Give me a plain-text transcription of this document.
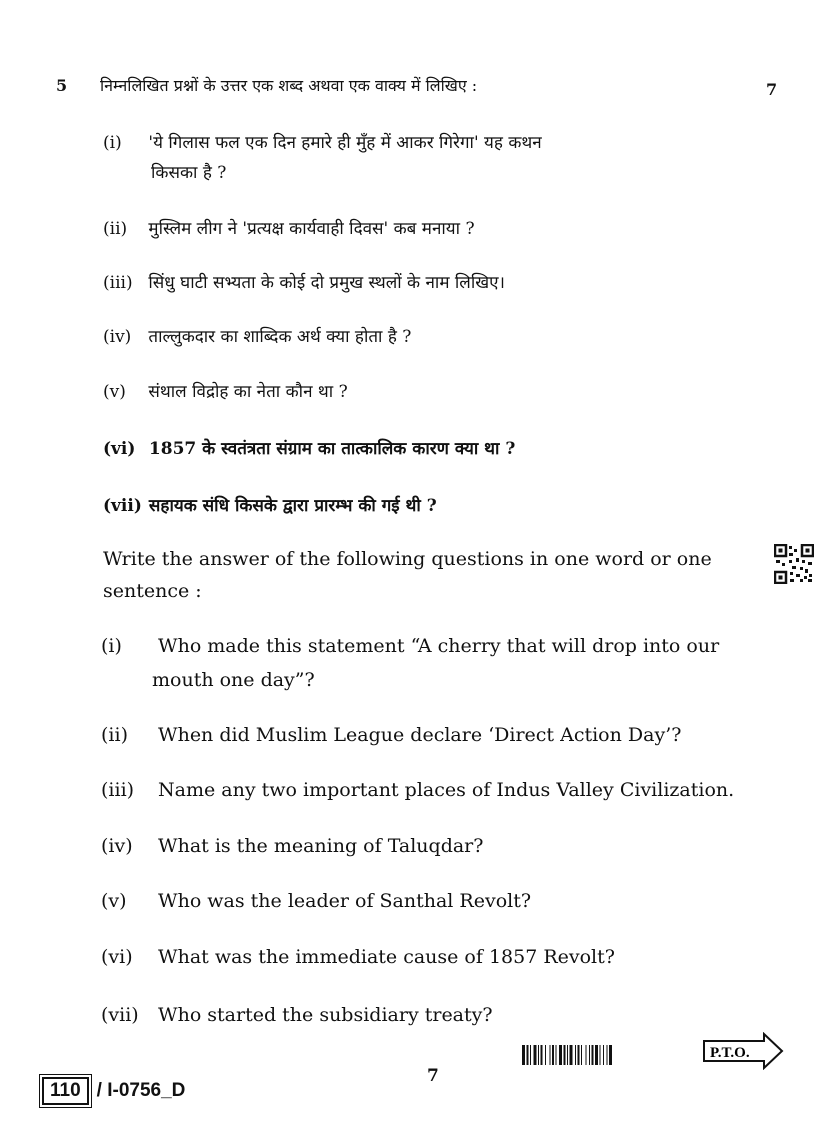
5 निम्नलिखित प्रश्नों के उत्तर एक शब्द अथवा एक वाक्य में लिखिए :	7
(i) 'ये गिलास फल एक दिन हमारे ही मुँह में आकर गिरेगा' यह कथन
किसका है ?
(ii) मुस्लिम लीग ने 'प्रत्यक्ष कार्यवाही दिवस' कब मनाया ?
(iii) सिंधु घाटी सभ्यता के कोई दो प्रमुख स्थलों के नाम लिखिए।
(iv) ताल्लुकदार का शाब्दिक अर्थ क्या होता है ?
(v) संथाल विद्रोह का नेता कौन था ?
(vi) 1857 के स्वतंत्रता संग्राम का तात्कालिक कारण क्या था ?
(vii) सहायक संधि किसके द्वारा प्रारम्भ की गई थी ?
Write the answer of the following questions in one word or one
sentence :
(i) Who made this statement “A cherry that will drop into our
mouth one day”?
(ii) When did Muslim League declare ‘Direct Action Day’?
(iii) Name any two important places of Indus Valley Civilization.
(iv) What is the meaning of Taluqdar?
(v) Who was the leader of Santhal Revolt?
(vi) What was the immediate cause of 1857 Revolt?
(vii) Who started the subsidiary treaty?
110 / I-0756_D
7
P.T.O.
